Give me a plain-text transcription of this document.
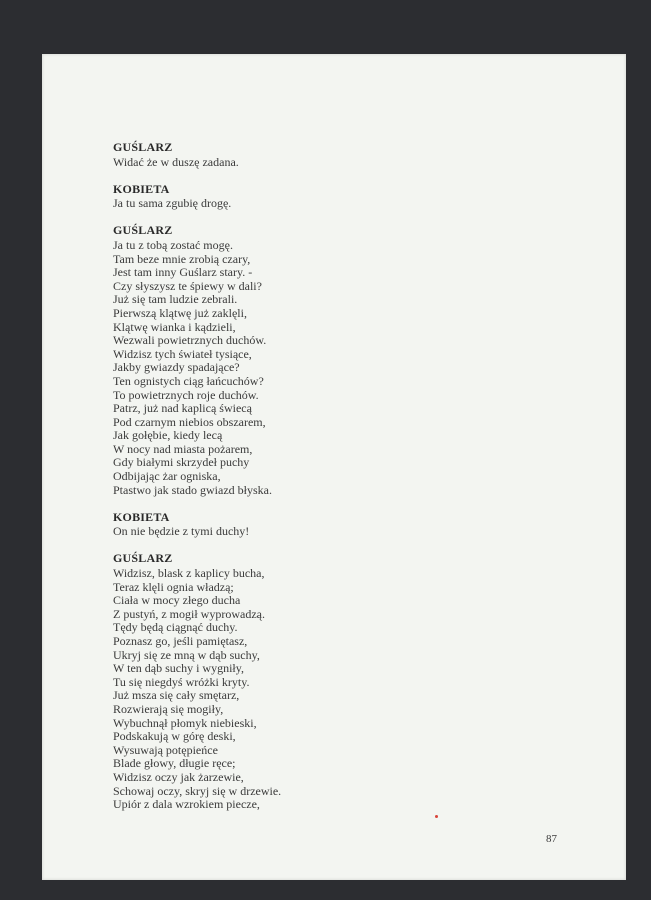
GUŚLARZ
Widać że w duszę zadana.
KOBIETA
Ja tu sama zgubię drogę.
GUŚLARZ
Ja tu z tobą zostać mogę.
Tam beze mnie zrobią czary,
Jest tam inny Guślarz stary. -
Czy słyszysz te śpiewy w dali?
Już się tam ludzie zebrali.
Pierwszą klątwę już zaklęli,
Klątwę wianka i kądzieli,
Wezwali powietrznych duchów.
Widzisz tych świateł tysiące,
Jakby gwiazdy spadające?
Ten ognistych ciąg łańcuchów?
To powietrznych roje duchów.
Patrz, już nad kaplicą świecą
Pod czarnym niebios obszarem,
Jak gołębie, kiedy lecą
W nocy nad miasta pożarem,
Gdy białymi skrzydeł puchy
Odbijając żar ogniska,
Ptastwo jak stado gwiazd błyska.
KOBIETA
On nie będzie z tymi duchy!
GUŚLARZ
Widzisz, blask z kaplicy bucha,
Teraz klęli ognia władzą;
Ciała w mocy złego ducha
Z pustyń, z mogił wyprowadzą.
Tędy będą ciągnąć duchy.
Poznasz go, jeśli pamiętasz,
Ukryj się ze mną w dąb suchy,
W ten dąb suchy i wygniły,
Tu się niegdyś wróżki kryty.
Już msza się cały smętarz,
Rozwierają się mogiły,
Wybuchnął płomyk niebieski,
Podskakują w górę deski,
Wysuwają potępieńce
Blade głowy, długie ręce;
Widzisz oczy jak żarzewie,
Schowaj oczy, skryj się w drzewie.
Upiór z dala wzrokiem piecze,
87
